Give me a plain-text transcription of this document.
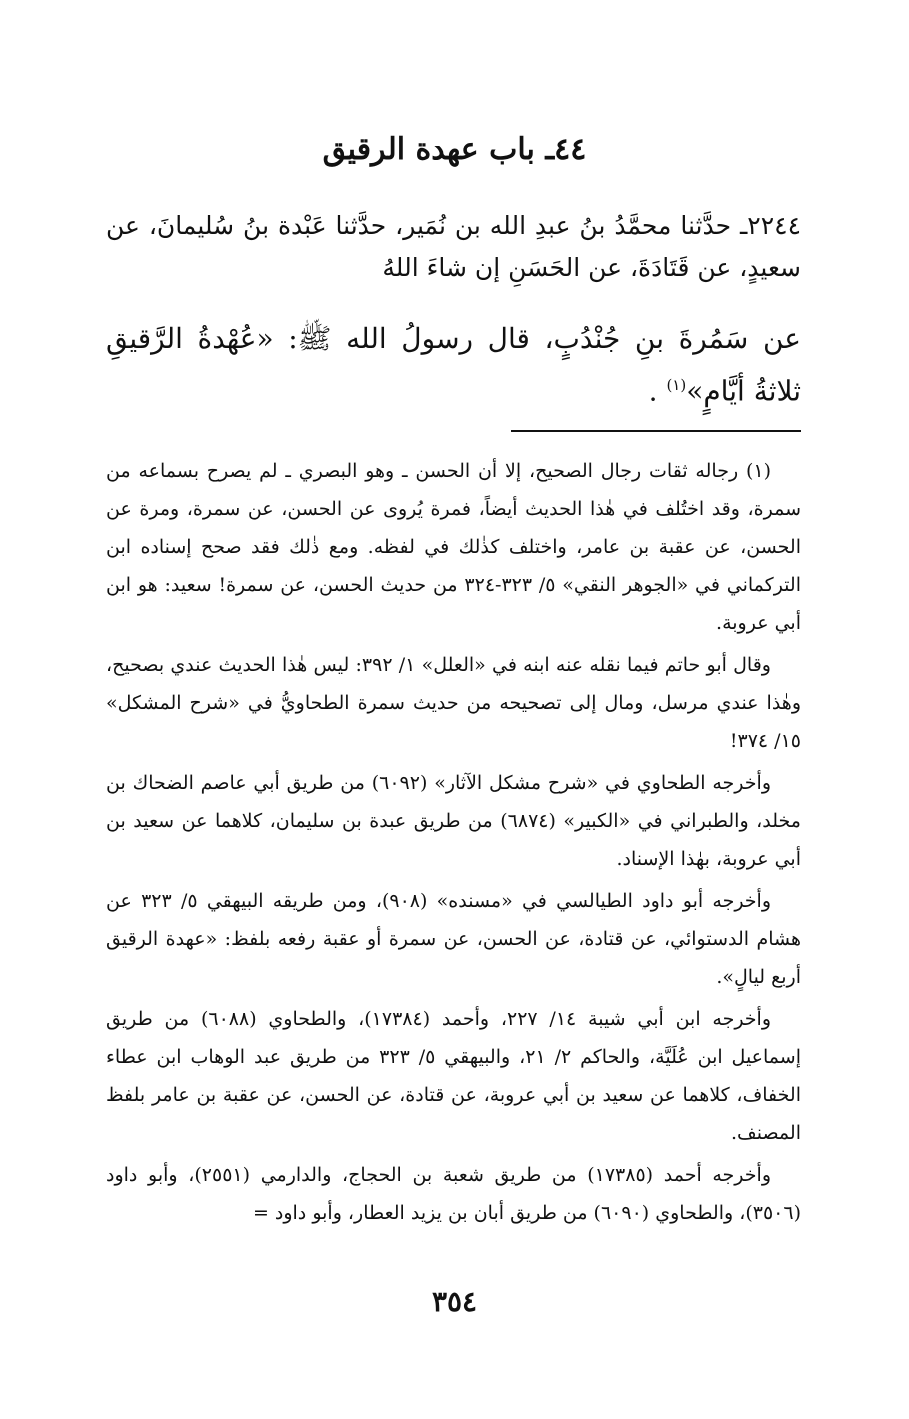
٤٤ـ باب عهدة الرقيق
٢٢٤٤ـ حدَّثنا محمَّدُ بنُ عبدِ الله بن نُمَير، حدَّثنا عَبْدة بنُ سُليمانَ، عن سعيدٍ، عن قَتَادَةَ، عن الحَسَنِ إن شاءَ اللهُ
عن سَمُرةَ بنِ جُنْدُبٍ، قال رسولُ الله ﷺ: «عُهْدةُ الرَّقيقِ ثلاثةُ أيَّامٍ»$^{(١)}$ .

(١) رجاله ثقات رجال الصحيح، إلا أن الحسن ـ وهو البصري ـ لم يصرح بسماعه من سمرة، وقد اختُلف في هٰذا الحديث أيضاً، فمرة يُروى عن الحسن، عن سمرة، ومرة عن الحسن، عن عقبة بن عامر، واختلف كذٰلك في لفظه. ومع ذٰلك فقد صحح إسناده ابن التركماني في «الجوهر النقي» ٥/ ٣٢٣-٣٢٤ من حديث الحسن، عن سمرة! سعيد: هو ابن أبي عروبة.

وقال أبو حاتم فيما نقله عنه ابنه في «العلل» ١/ ٣٩٢: ليس هٰذا الحديث عندي بصحيح، وهٰذا عندي مرسل، ومال إلى تصحيحه من حديث سمرة الطحاويُّ في «شرح المشكل» ١٥/ ٣٧٤!

وأخرجه الطحاوي في «شرح مشكل الآثار» (٦٠٩٢) من طريق أبي عاصم الضحاك بن مخلد، والطبراني في «الكبير» (٦٨٧٤) من طريق عبدة بن سليمان، كلاهما عن سعيد بن أبي عروبة، بهٰذا الإسناد.

وأخرجه أبو داود الطيالسي في «مسنده» (٩٠٨)، ومن طريقه البيهقي ٥/ ٣٢٣ عن هشام الدستوائي، عن قتادة، عن الحسن، عن سمرة أو عقبة رفعه بلفظ: «عهدة الرقيق أربع ليالٍ».

وأخرجه ابن أبي شيبة ١٤/ ٢٢٧، وأحمد (١٧٣٨٤)، والطحاوي (٦٠٨٨) من طريق إسماعيل ابن عُلَيَّة، والحاكم ٢/ ٢١، والبيهقي ٥/ ٣٢٣ من طريق عبد الوهاب ابن عطاء الخفاف، كلاهما عن سعيد بن أبي عروبة، عن قتادة، عن الحسن، عن عقبة بن عامر بلفظ المصنف.

وأخرجه أحمد (١٧٣٨٥) من طريق شعبة بن الحجاج، والدارمي (٢٥٥١)، وأبو داود (٣٥٠٦)، والطحاوي (٦٠٩٠) من طريق أبان بن يزيد العطار، وأبو داود =

٣٥٤
